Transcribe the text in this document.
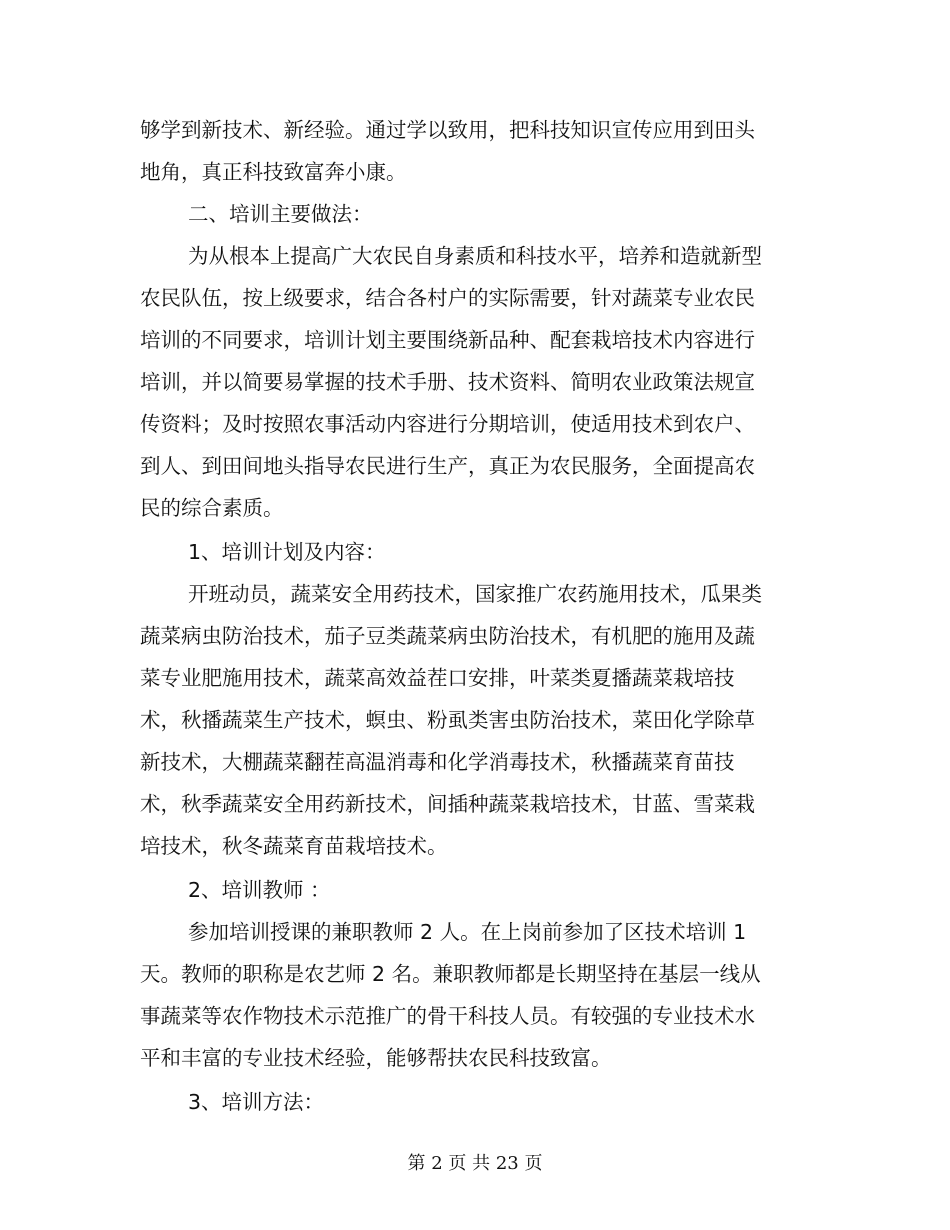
够学到新技术、新经验。通过学以致用，把科技知识宣传应用到田头
地角，真正科技致富奔小康。
二、培训主要做法：
为从根本上提高广大农民自身素质和科技水平，培养和造就新型
农民队伍，按上级要求，结合各村户的实际需要，针对蔬菜专业农民
培训的不同要求，培训计划主要围绕新品种、配套栽培技术内容进行
培训，并以简要易掌握的技术手册、技术资料、简明农业政策法规宣
传资料；及时按照农事活动内容进行分期培训，使适用技术到农户、
到人、到田间地头指导农民进行生产，真正为农民服务，全面提高农
民的综合素质。
1、培训计划及内容：
开班动员，蔬菜安全用药技术，国家推广农药施用技术，瓜果类
蔬菜病虫防治技术，茄子豆类蔬菜病虫防治技术，有机肥的施用及蔬
菜专业肥施用技术，蔬菜高效益茬口安排，叶菜类夏播蔬菜栽培技
术，秋播蔬菜生产技术，螟虫、粉虱类害虫防治技术，菜田化学除草
新技术，大棚蔬菜翻茬高温消毒和化学消毒技术，秋播蔬菜育苗技
术，秋季蔬菜安全用药新技术，间插种蔬菜栽培技术，甘蓝、雪菜栽
培技术，秋冬蔬菜育苗栽培技术。
2、培训教师 ：
参加培训授课的兼职教师 2 人。在上岗前参加了区技术培训 1
天。教师的职称是农艺师 2 名。兼职教师都是长期坚持在基层一线从
事蔬菜等农作物技术示范推广的骨干科技人员。有较强的专业技术水
平和丰富的专业技术经验，能够帮扶农民科技致富。
3、培训方法：
第 2 页 共 23 页
